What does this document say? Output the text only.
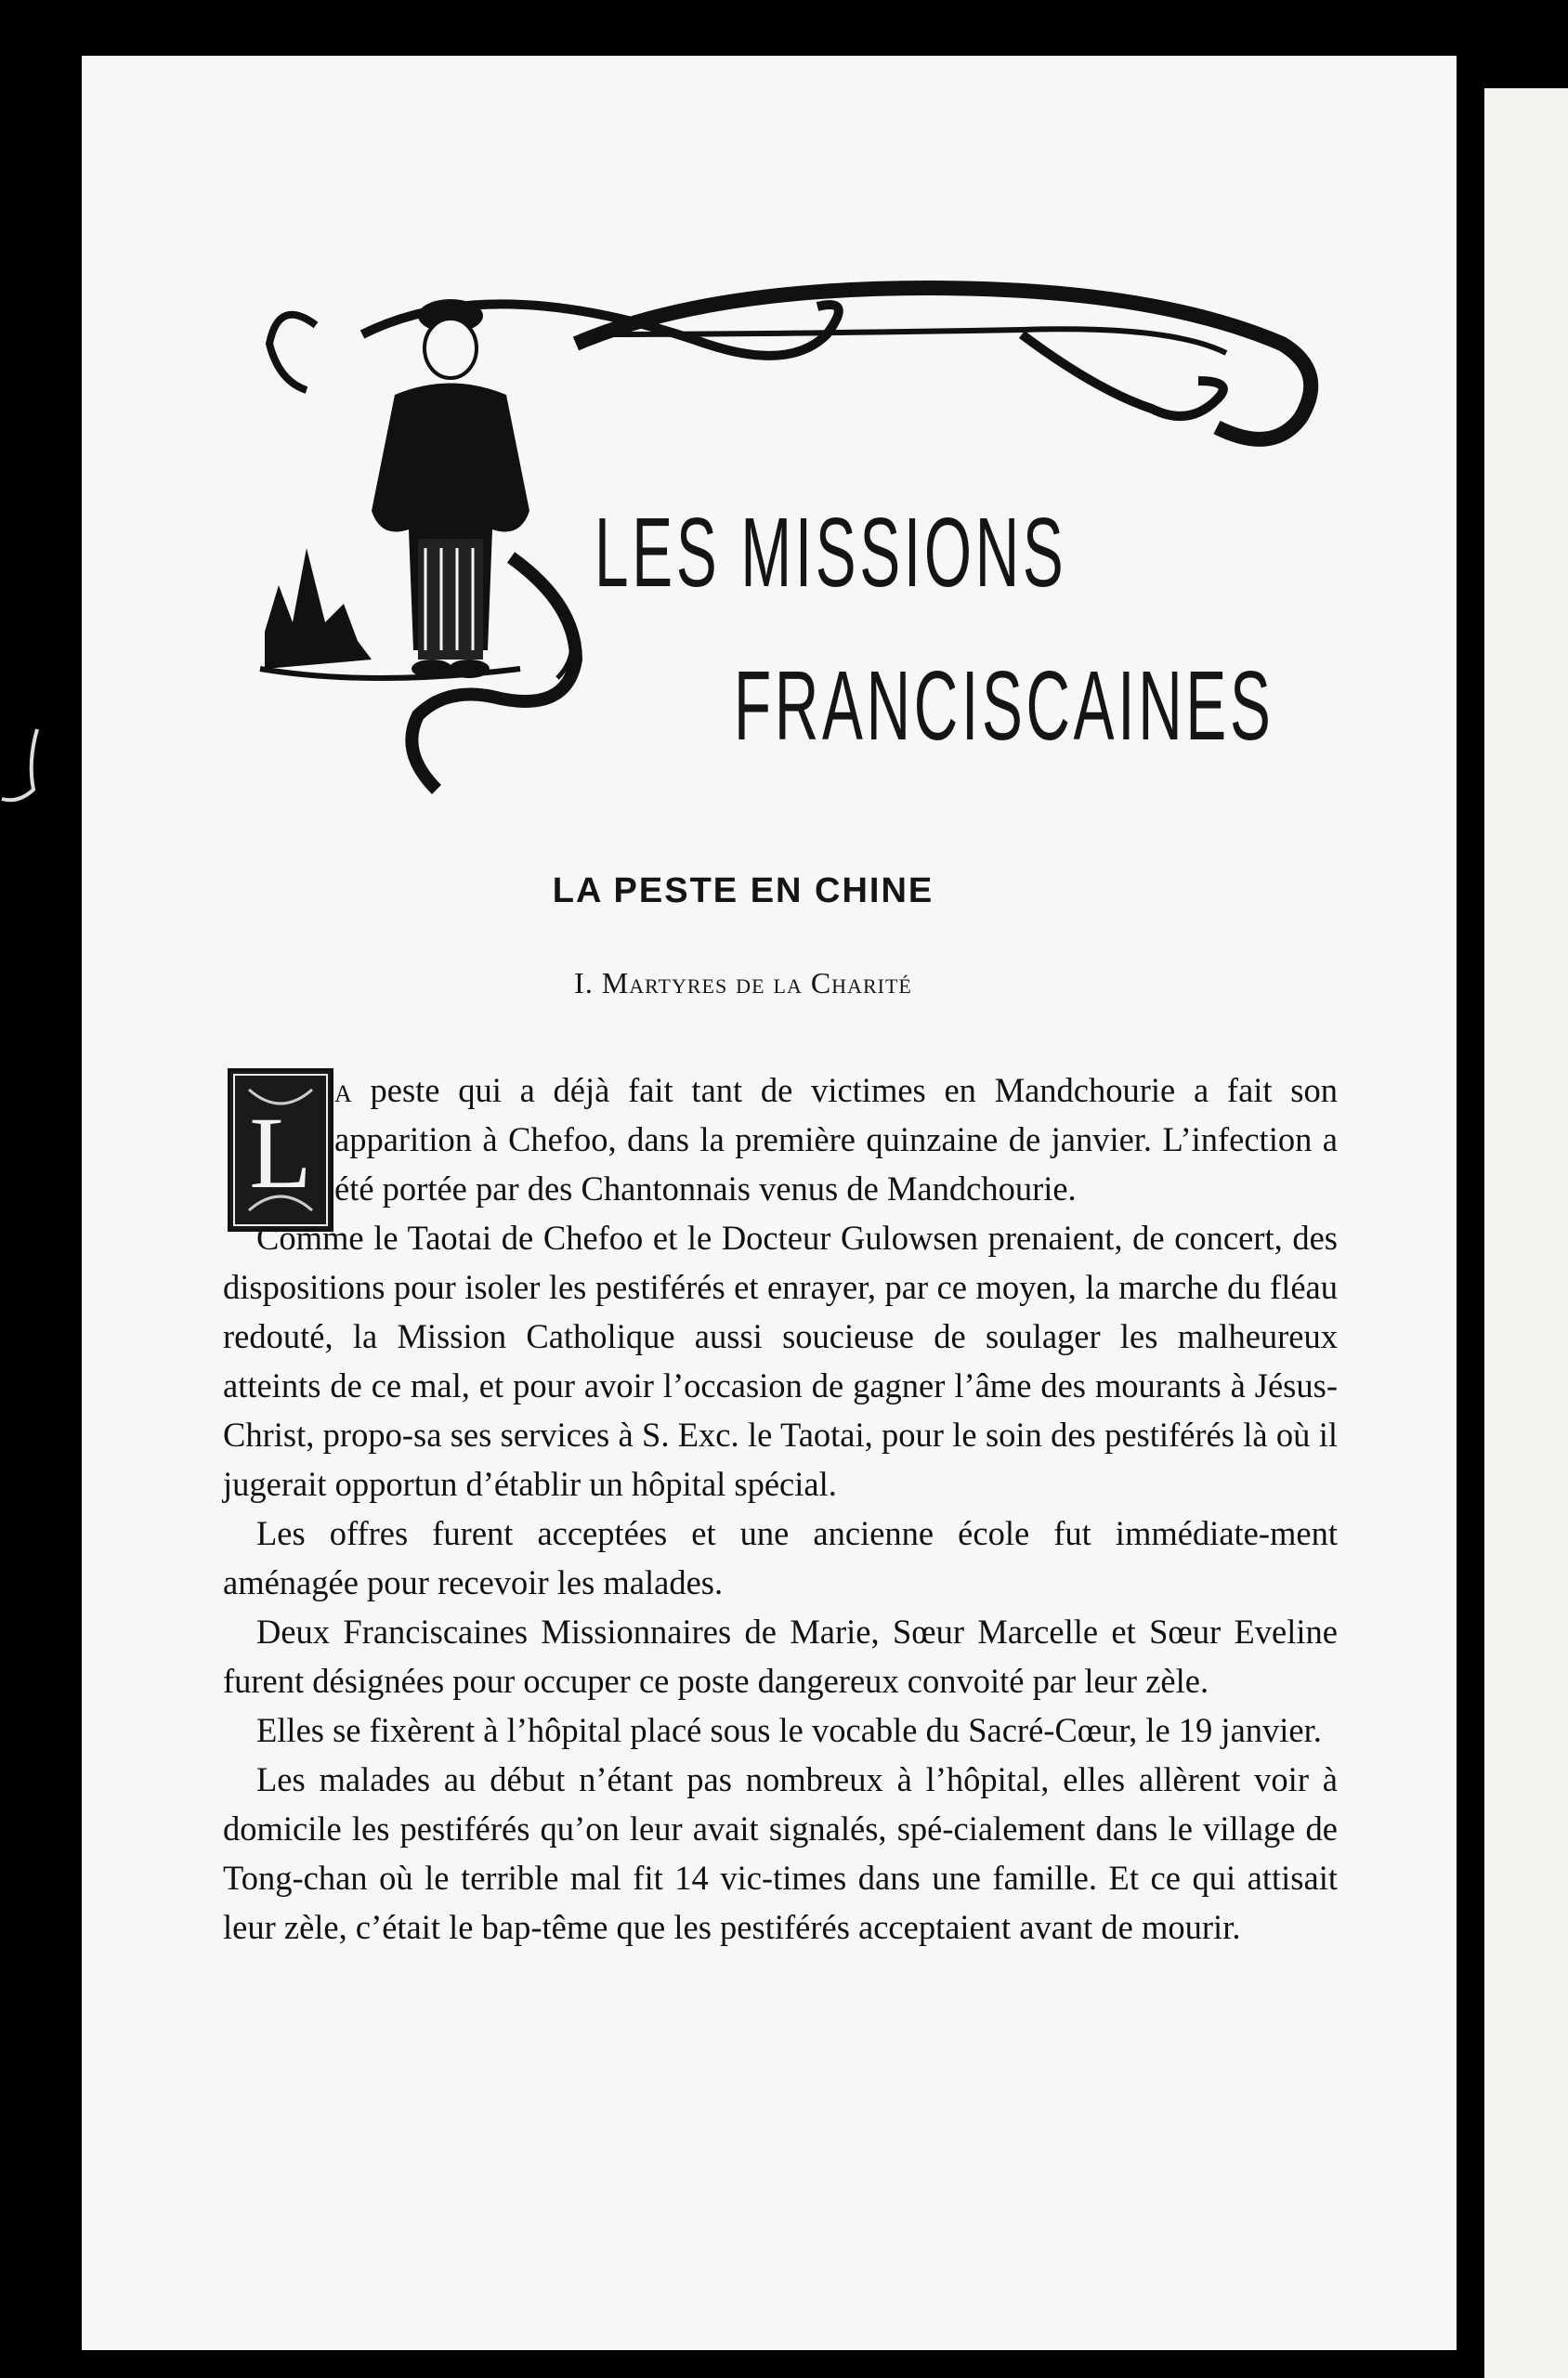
LES MISSIONS
FRANCISCAINES
LA PESTE EN CHINE
I. Martyres de la Charité
L

a peste qui a déjà fait tant de victimes en Mandchourie a fait son apparition à Chefoo, dans la première quinzaine de janvier. L’infection a été portée par des Chantonnais venus de Mandchourie.

Comme le Taotai de Chefoo et le Docteur Gulowsen prenaient, de concert, des dispositions pour isoler les pestiférés et enrayer, par ce moyen, la marche du fléau redouté, la Mission Catholique aussi soucieuse de soulager les malheureux atteints de ce mal, et pour avoir l’occasion de gagner l’âme des mourants à Jésus-Christ, propo-sa ses services à S. Exc. le Taotai, pour le soin des pestiférés là où il jugerait opportun d’établir un hôpital spécial.

Les offres furent acceptées et une ancienne école fut immédiate-ment aménagée pour recevoir les malades.

Deux Franciscaines Missionnaires de Marie, Sœur Marcelle et Sœur Eveline furent désignées pour occuper ce poste dangereux convoité par leur zèle.

Elles se fixèrent à l’hôpital placé sous le vocable du Sacré-Cœur, le 19 janvier.

Les malades au début n’étant pas nombreux à l’hôpital, elles allèrent voir à domicile les pestiférés qu’on leur avait signalés, spé-cialement dans le village de Tong-chan où le terrible mal fit 14 vic-times dans une famille. Et ce qui attisait leur zèle, c’était le bap-tême que les pestiférés acceptaient avant de mourir.
